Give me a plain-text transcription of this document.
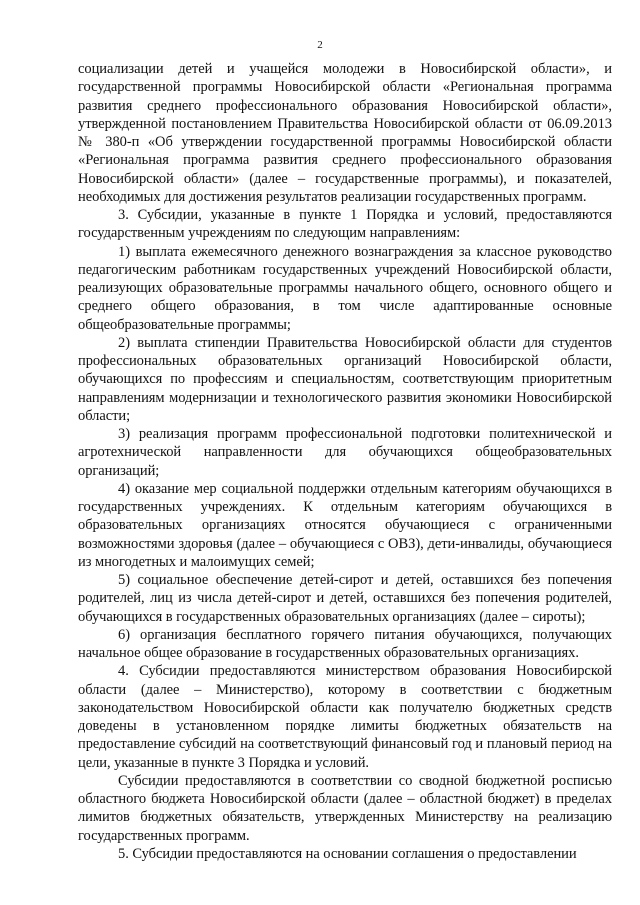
2

социализации детей и учащейся молодежи в Новосибирской области», и государственной программы Новосибирской области «Региональная программа развития среднего профессионального образования Новосибирской области», утвержденной постановлением Правительства Новосибирской области от 06.09.2013 № 380-п «Об утверждении государственной программы Новосибирской области «Региональная программа развития среднего профессионального образования Новосибирской области» (далее – государственные программы), и показателей, необходимых для достижения результатов реализации государственных программ.

3. Субсидии, указанные в пункте 1 Порядка и условий, предоставляются государственным учреждениям по следующим направлениям:

1) выплата ежемесячного денежного вознаграждения за классное руководство педагогическим работникам государственных учреждений Новосибирской области, реализующих образовательные программы начального общего, основного общего и среднего общего образования, в том числе адаптированные основные общеобразовательные программы;

2) выплата стипендии Правительства Новосибирской области для студентов профессиональных образовательных организаций Новосибирской области, обучающихся по профессиям и специальностям, соответствующим приоритетным направлениям модернизации и технологического развития экономики Новосибирской области;

3) реализация программ профессиональной подготовки политехнической и агротехнической направленности для обучающихся общеобразовательных организаций;

4) оказание мер социальной поддержки отдельным категориям обучающихся в государственных учреждениях. К отдельным категориям обучающихся в образовательных организациях относятся обучающиеся с ограниченными возможностями здоровья (далее – обучающиеся с ОВЗ), дети-инвалиды, обучающиеся из многодетных и малоимущих семей;

5) социальное обеспечение детей-сирот и детей, оставшихся без попечения родителей, лиц из числа детей-сирот и детей, оставшихся без попечения родителей, обучающихся в государственных образовательных организациях (далее – сироты);

6) организация бесплатного горячего питания обучающихся, получающих начальное общее образование в государственных образовательных организациях.

4. Субсидии предоставляются министерством образования Новосибирской области (далее – Министерство), которому в соответствии с бюджетным законодательством Новосибирской области как получателю бюджетных средств доведены в установленном порядке лимиты бюджетных обязательств на предоставление субсидий на соответствующий финансовый год и плановый период на цели, указанные в пункте 3 Порядка и условий.

Субсидии предоставляются в соответствии со сводной бюджетной росписью областного бюджета Новосибирской области (далее – областной бюджет) в пределах лимитов бюджетных обязательств, утвержденных Министерству на реализацию государственных программ.

5. Субсидии предоставляются на основании соглашения о предоставлении
